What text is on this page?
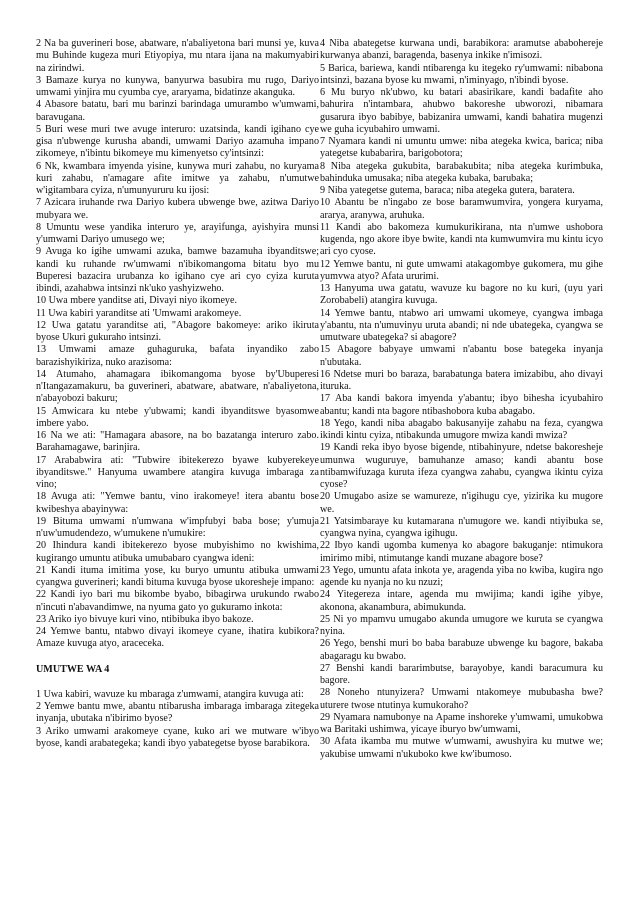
2 Na ba guverineri bose, abatware, n'abaliyetona bari munsi ye, kuva mu Buhinde kugeza muri Etiyopiya, mu ntara ijana na makumyabiri na zirindwi.

3 Bamaze kurya no kunywa, banyurwa basubira mu rugo, Dariyo umwami yinjira mu cyumba cye, araryama, bidatinze akanguka.

4 Abasore batatu, bari mu barinzi barindaga umurambo w'umwami, baravugana.

5 Buri wese muri twe avuge interuro: uzatsinda, kandi igihano cye gisa n'ubwenge kurusha abandi, umwami Dariyo azamuha impano zikomeye, n'ibintu bikomeye mu kimenyetso cy'intsinzi:

6 Nk, kwambara imyenda yisine, kunywa muri zahabu, no kuryama kuri zahabu, n'amagare afite imitwe ya zahabu, n'umutwe w'igitambara cyiza, n'umunyururu ku ijosi:

7 Azicara iruhande rwa Dariyo kubera ubwenge bwe, azitwa Dariyo mubyara we.

8 Umuntu wese yandika interuro ye, arayifunga, ayishyira munsi y'umwami Dariyo umusego we;

9 Avuga ko igihe umwami azuka, bamwe bazamuha ibyanditswe; kandi ku ruhande rw'umwami n'ibikomangoma bitatu byo mu Buperesi bazacira urubanza ko igihano cye ari cyo cyiza kuruta ibindi, azahabwa intsinzi nk'uko yashyizweho.

10 Uwa mbere yanditse ati, Divayi niyo ikomeye.

11 Uwa kabiri yaranditse ati 'Umwami arakomeye.

12 Uwa gatatu yaranditse ati, "Abagore bakomeye: ariko ikiruta byose Ukuri gukuraho intsinzi.

13 Umwami amaze guhaguruka, bafata inyandiko zabo barazishyikiriza, nuko arazisoma:

14 Atumaho, ahamagara ibikomangoma byose by'Ubuperesi n'Itangazamakuru, ba guverineri, abatware, abatware, n'abaliyetona, n'abayobozi bakuru;

15 Amwicara ku ntebe y'ubwami; kandi ibyanditswe byasomwe imbere yabo.

16 Na we ati: "Hamagara abasore, na bo bazatanga interuro zabo. Barahamagawe, barinjira.

17 Arababwira ati: "Tubwire ibitekerezo byawe kubyerekeye ibyanditswe." Hanyuma uwambere atangira kuvuga imbaraga za vino;

18 Avuga ati: "Yemwe bantu, vino irakomeye! itera abantu bose kwibeshya abayinywa:

19 Bituma umwami n'umwana w'impfubyi baba bose; y'umuja n'uw'umudendezo, w'umukene n'umukire:

20 Ihindura kandi ibitekerezo byose mubyishimo no kwishima, kugirango umuntu atibuka umubabaro cyangwa ideni:

21 Kandi ituma imitima yose, ku buryo umuntu atibuka umwami cyangwa guverineri; kandi bituma kuvuga byose ukoresheje impano:

22 Kandi iyo bari mu bikombe byabo, bibagirwa urukundo rwabo n'incuti n'abavandimwe, na nyuma gato yo gukuramo inkota:

23 Ariko iyo bivuye kuri vino, ntibibuka ibyo bakoze.

24 Yemwe bantu, ntabwo divayi ikomeye cyane, ihatira kubikora? Amaze kuvuga atyo, araceceka.

UMUTWE WA 4

1 Uwa kabiri, wavuze ku mbaraga z'umwami, atangira kuvuga ati:

2 Yemwe bantu mwe, abantu ntibarusha imbaraga imbaraga zitegeka inyanja, ubutaka n'ibirimo byose?

3 Ariko umwami arakomeye cyane, kuko ari we mutware w'ibyo byose, kandi arabategeka; kandi ibyo yabategetse byose barabikora.

4 Niba abategetse kurwana undi, barabikora: aramutse ababohereje kurwanya abanzi, baragenda, basenya inkike n'imisozi.

5 Barica, bariewa, kandi ntibarenga ku itegeko ry'umwami: nibabona intsinzi, bazana byose ku mwami, n'iminyago, n'ibindi byose.

6 Mu buryo nk'ubwo, ku batari abasirikare, kandi badafite aho bahurira n'intambara, ahubwo bakoreshe ubworozi, nibamara gusarura ibyo babibye, babizanira umwami, kandi bahatira mugenzi we guha icyubahiro umwami.

7 Nyamara kandi ni umuntu umwe: niba ategeka kwica, barica; niba yategetse kubabarira, barigobotora;

8 Niba ategeka gukubita, barabakubita; niba ategeka kurimbuka, bahinduka umusaka; niba ategeka kubaka, barubaka;

9 Niba yategetse gutema, baraca; niba ategeka gutera, baratera.

10 Abantu be n'ingabo ze bose baramwumvira, yongera kuryama, ararya, aranywa, aruhuka.

11 Kandi abo bakomeza kumukurikirana, nta n'umwe ushobora kugenda, ngo akore ibye bwite, kandi nta kumwumvira mu kintu icyo ari cyo cyose.

12 Yemwe bantu, ni gute umwami atakagombye gukomera, mu gihe yumvwa atyo? Afata ururimi.

13 Hanyuma uwa gatatu, wavuze ku bagore no ku kuri, (uyu yari Zorobabeli) atangira kuvuga.

14 Yemwe bantu, ntabwo ari umwami ukomeye, cyangwa imbaga y'abantu, nta n'umuvinyu uruta abandi; ni nde ubategeka, cyangwa se umutware ubategeka? si abagore?

15 Abagore babyaye umwami n'abantu bose bategeka inyanja n'ubutaka.

16 Ndetse muri bo baraza, barabatunga batera imizabibu, aho divayi ituruka.

17 Aba kandi bakora imyenda y'abantu; ibyo bihesha icyubahiro abantu; kandi nta bagore ntibashobora kuba abagabo.

18 Yego, kandi niba abagabo bakusanyije zahabu na feza, cyangwa ikindi kintu cyiza, ntibakunda umugore mwiza kandi mwiza?

19 Kandi reka ibyo byose bigende, ntibahinyure, ndetse bakoresheje umunwa wuguruye, bamuhanze amaso; kandi abantu bose ntibamwifuzaga kuruta ifeza cyangwa zahabu, cyangwa ikintu cyiza cyose?

20 Umugabo asize se wamureze, n'igihugu cye, yizirika ku mugore we.

21 Yatsimbaraye ku kutamarana n'umugore we. kandi ntiyibuka se, cyangwa nyina, cyangwa igihugu.

22 Ibyo kandi ugomba kumenya ko abagore bakuganje: ntimukora imirimo mibi, ntimutange kandi muzane abagore bose?

23 Yego, umuntu afata inkota ye, aragenda yiba no kwiba, kugira ngo agende ku nyanja no ku nzuzi;

24 Yitegereza intare, agenda mu mwijima; kandi igihe yibye, akonona, akanambura, abimukunda.

25 Ni yo mpamvu umugabo akunda umugore we kuruta se cyangwa nyina.

26 Yego, benshi muri bo baba barabuze ubwenge ku bagore, bakaba abagaragu ku bwabo.

27 Benshi kandi bararimbutse, barayobye, kandi baracumura ku bagore.

28 Noneho ntunyizera? Umwami ntakomeye mububasha bwe? uturere twose ntutinya kumukoraho?

29 Nyamara namubonye na Apame inshoreke y'umwami, umukobwa wa Baritaki ushimwa, yicaye iburyo bw'umwami,

30 Afata ikamba mu mutwe w'umwami, awushyira ku mutwe we; yakubise umwami n'ukuboko kwe kw'ibumoso.
